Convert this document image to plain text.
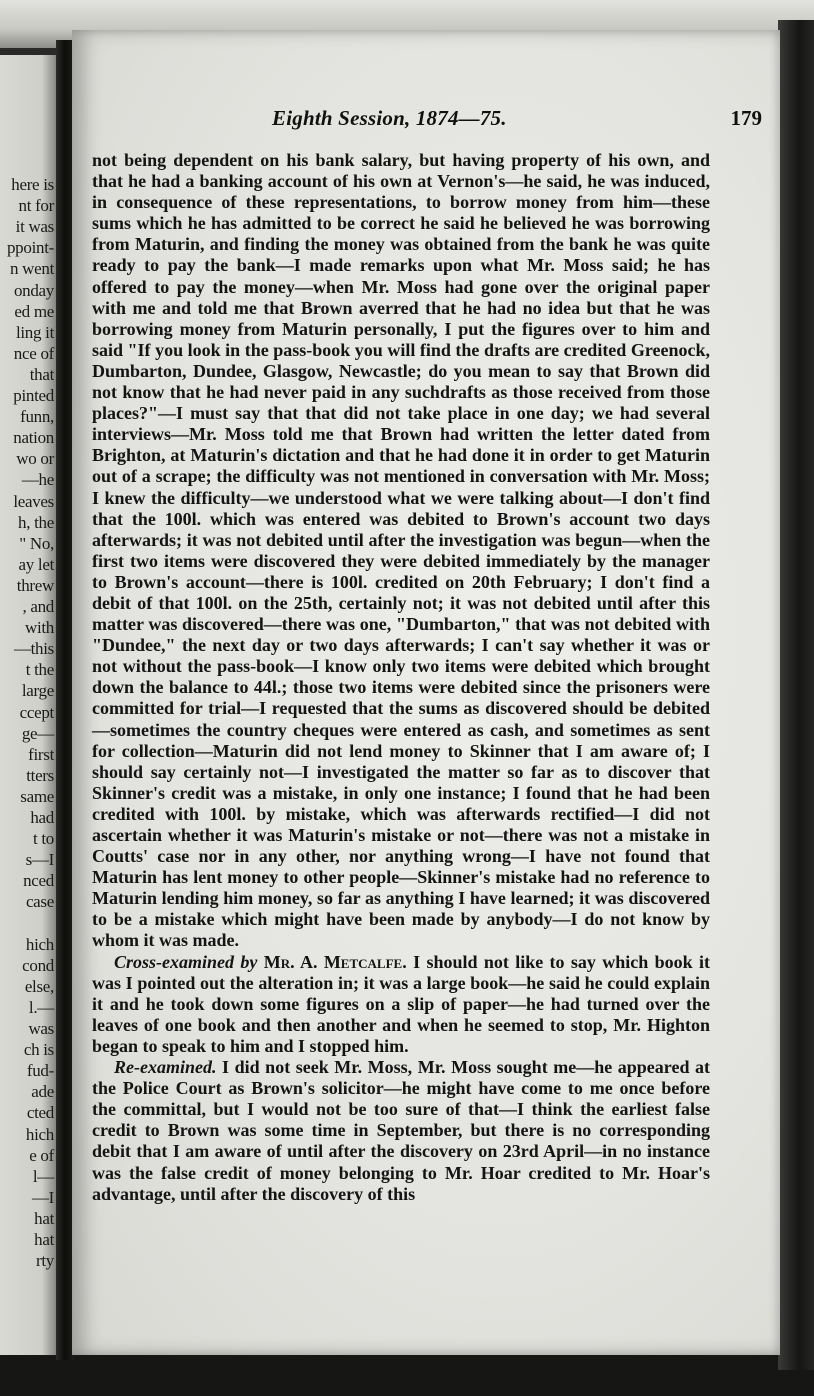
here is
nt for
it was
ppoint-
n went
onday
ed me
ling it
nce of
that
pinted
funn,
nation
wo or
—he
leaves
h, the
" No,
ay let
threw
, and
with
—this
t the
large
ccept
ge—
first
tters
same
had
t to
s—I
nced
case
hich
cond
else,
l.—
was
ch is
fud-
ade
cted
hich
e of
l—
—I
hat
hat
rty
Eighth Session, 1874—75.	179

not being dependent on his bank salary, but having property of his own, and that he had a banking account of his own at Vernon's—he said, he was induced, in consequence of these representations, to borrow money from him—these sums which he has admitted to be correct he said he believed he was borrowing from Maturin, and finding the money was obtained from the bank he was quite ready to pay the bank—I made remarks upon what Mr. Moss said; he has offered to pay the money—when Mr. Moss had gone over the original paper with me and told me that Brown averred that he had no idea but that he was borrowing money from Maturin personally, I put the figures over to him and said "If you look in the pass-book you will find the drafts are credited Greenock, Dumbarton, Dundee, Glasgow, Newcastle; do you mean to say that Brown did not know that he had never paid in any suchdrafts as those received from those places?"—I must say that that did not take place in one day; we had several interviews—Mr. Moss told me that Brown had written the letter dated from Brighton, at Maturin's dictation and that he had done it in order to get Maturin out of a scrape; the difficulty was not mentioned in conversation with Mr. Moss; I knew the difficulty—we understood what we were talking about—I don't find that the 100l. which was entered was debited to Brown's account two days afterwards; it was not debited until after the investigation was begun—when the first two items were discovered they were debited immediately by the manager to Brown's account—there is 100l. credited on 20th February; I don't find a debit of that 100l. on the 25th, certainly not; it was not debited until after this matter was discovered—there was one, "Dumbarton," that was not debited with "Dundee," the next day or two days afterwards; I can't say whether it was or not without the pass-book—I know only two items were debited which brought down the balance to 44l.; those two items were debited since the prisoners were committed for trial—I requested that the sums as discovered should be debited—sometimes the country cheques were entered as cash, and sometimes as sent for collection—Maturin did not lend money to Skinner that I am aware of; I should say certainly not—I investigated the matter so far as to discover that Skinner's credit was a mistake, in only one instance; I found that he had been credited with 100l. by mistake, which was afterwards rectified—I did not ascertain whether it was Maturin's mistake or not—there was not a mistake in Coutts' case nor in any other, nor anything wrong—I have not found that Maturin has lent money to other people—Skinner's mistake had no reference to Maturin lending him money, so far as anything I have learned; it was discovered to be a mistake which might have been made by anybody—I do not know by whom it was made.

Cross-examined by Mr. A. Metcalfe. I should not like to say which book it was I pointed out the alteration in; it was a large book—he said he could explain it and he took down some figures on a slip of paper—he had turned over the leaves of one book and then another and when he seemed to stop, Mr. Highton began to speak to him and I stopped him.

Re-examined. I did not seek Mr. Moss, Mr. Moss sought me—he appeared at the Police Court as Brown's solicitor—he might have come to me once before the committal, but I would not be too sure of that—I think the earliest false credit to Brown was some time in September, but there is no corresponding debit that I am aware of until after the discovery on 23rd April—in no instance was the false credit of money belonging to Mr. Hoar credited to Mr. Hoar's advantage, until after the discovery of this
